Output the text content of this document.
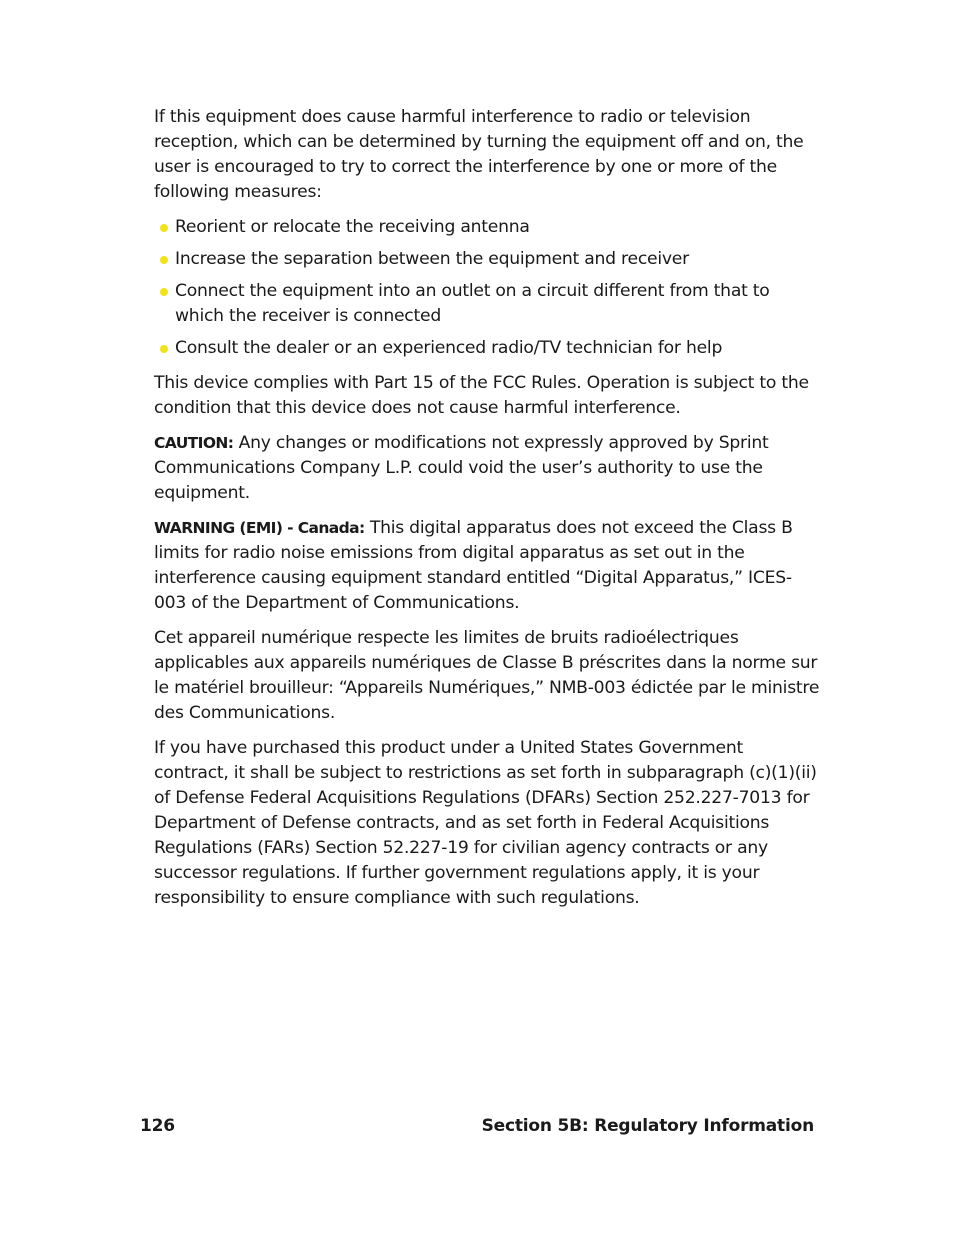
If this equipment does cause harmful interference to radio or television reception, which can be determined by turning the equipment off and on, the user is encouraged to try to correct the interference by one or more of the following measures:

Reorient or relocate the receiving antenna
Increase the separation between the equipment and receiver
Connect the equipment into an outlet on a circuit different from that to which the receiver is connected
Consult the dealer or an experienced radio/TV technician for help

This device complies with Part 15 of the FCC Rules. Operation is subject to the condition that this device does not cause harmful interference.

CAUTION: Any changes or modifications not expressly approved by Sprint Communications Company L.P. could void the user’s authority to use the equipment.

WARNING (EMI) - Canada: This digital apparatus does not exceed the Class B limits for radio noise emissions from digital apparatus as set out in the interference causing equipment standard entitled “Digital Apparatus,” ICES-003 of the Department of Communications.

Cet appareil numérique respecte les limites de bruits radioélectriques applicables aux appareils numériques de Classe B préscrites dans la norme sur le matériel brouilleur: “Appareils Numériques,” NMB-003 édictée par le ministre des Communications.

If you have purchased this product under a United States Government contract, it shall be subject to restrictions as set forth in subparagraph (c)(1)(ii) of Defense Federal Acquisitions Regulations (DFARs) Section 252.227-7013 for Department of Defense contracts, and as set forth in Federal Acquisitions Regulations (FARs) Section 52.227-19 for civilian agency contracts or any successor regulations. If further government regulations apply, it is your responsibility to ensure compliance with such regulations.

126	Section 5B: Regulatory Information
